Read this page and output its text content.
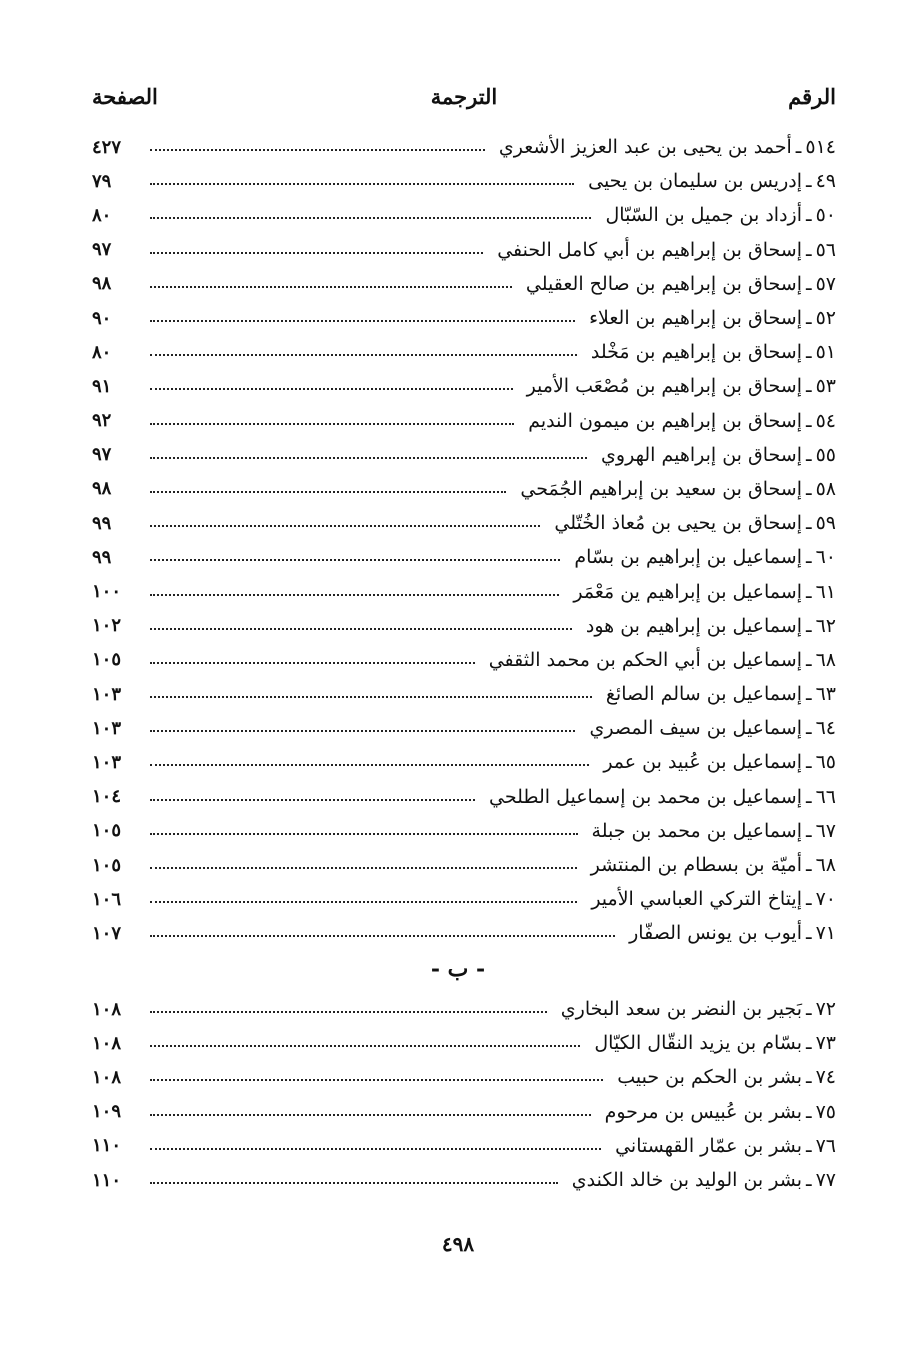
الرقم
الترجمة
الصفحة
٥١٤
ـ
أحمد بن يحيى بن عبد العزيز الأشعري
٤٢٧
٤٩
ـ
إدريس بن سليمان بن يحيى
٧٩
٥٠
ـ
أزداد بن جميل بن السّبّال
٨٠
٥٦
ـ
إسحاق بن إبراهيم بن أبي كامل الحنفي
٩٧
٥٧
ـ
إسحاق بن إبراهيم بن صالح العقيلي
٩٨
٥٢
ـ
إسحاق بن إبراهيم بن العلاء
٩٠
٥١
ـ
إسحاق بن إبراهيم بن مَخْلد
٨٠
٥٣
ـ
إسحاق بن إبراهيم بن مُصْعَب الأمير
٩١
٥٤
ـ
إسحاق بن إبراهيم بن ميمون النديم
٩٢
٥٥
ـ
إسحاق بن إبراهيم الهروي
٩٧
٥٨
ـ
إسحاق بن سعيد بن إبراهيم الجُمَحي
٩٨
٥٩
ـ
إسحاق بن يحيى بن مُعاذ الخُتّلي
٩٩
٦٠
ـ
إسماعيل بن إبراهيم بن بسّام
٩٩
٦١
ـ
إسماعيل بن إبراهيم ين مَعْمَر
١٠٠
٦٢
ـ
إسماعيل بن إبراهيم بن هود
١٠٢
٦٨
ـ
إسماعيل بن أبي الحكم بن محمد الثقفي
١٠٥
٦٣
ـ
إسماعيل بن سالم الصائغ
١٠٣
٦٤
ـ
إسماعيل بن سيف المصري
١٠٣
٦٥
ـ
إسماعيل بن عُبيد بن عمر
١٠٣
٦٦
ـ
إسماعيل بن محمد بن إسماعيل الطلحي
١٠٤
٦٧
ـ
إسماعيل بن محمد بن جبلة
١٠٥
٦٨
ـ
أميّة بن بسطام بن المنتشر
١٠٥
٧٠
ـ
إيتاخ التركي العباسي الأمير
١٠٦
٧١
ـ
أيوب بن يونس الصفّار
١٠٧
- ب -
٧٢
ـ
بَجير بن النضر بن سعد البخاري
١٠٨
٧٣
ـ
بسّام بن يزيد النقّال الكيّال
١٠٨
٧٤
ـ
بشر بن الحكم بن حبيب
١٠٨
٧٥
ـ
بشر بن عُبيس بن مرحوم
١٠٩
٧٦
ـ
بشر بن عمّار القهستاني
١١٠
٧٧
ـ
بشر بن الوليد بن خالد الكندي
١١٠
٤٩٨
